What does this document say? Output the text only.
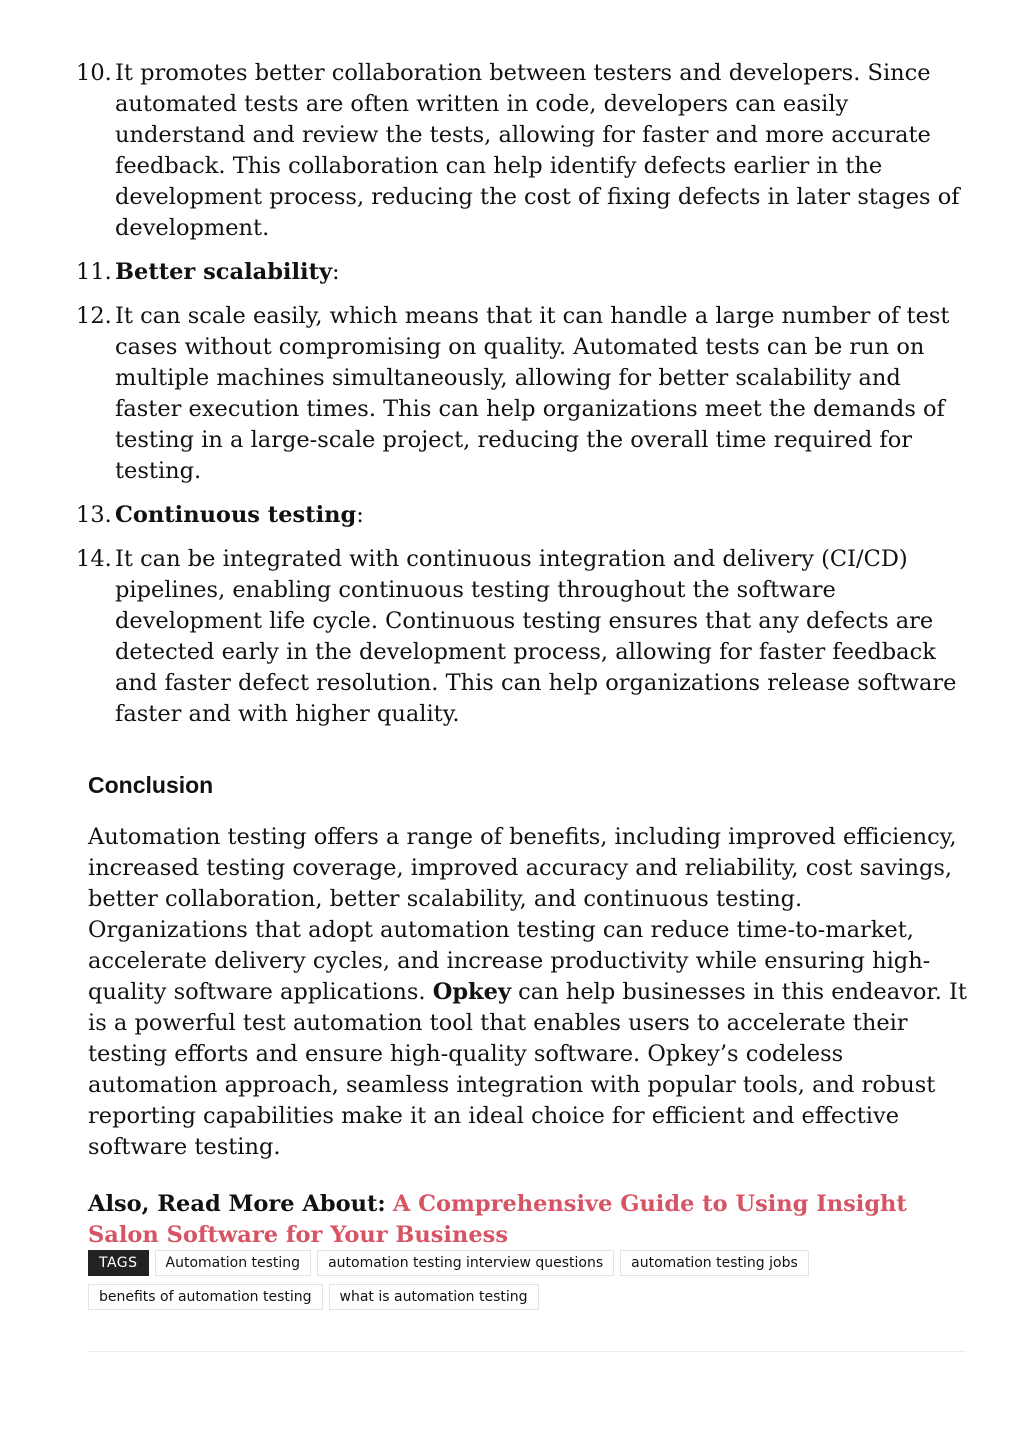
10. It promotes better collaboration between testers and developers. Since automated tests are often written in code, developers can easily understand and review the tests, allowing for faster and more accurate feedback. This collaboration can help identify defects earlier in the development process, reducing the cost of fixing defects in later stages of development.
11. Better scalability:
12. It can scale easily, which means that it can handle a large number of test cases without compromising on quality. Automated tests can be run on multiple machines simultaneously, allowing for better scalability and faster execution times. This can help organizations meet the demands of testing in a large-scale project, reducing the overall time required for testing.
13. Continuous testing:
14. It can be integrated with continuous integration and delivery (CI/CD) pipelines, enabling continuous testing throughout the software development life cycle. Continuous testing ensures that any defects are detected early in the development process, allowing for faster feedback and faster defect resolution. This can help organizations release software faster and with higher quality.
Conclusion

Automation testing offers a range of benefits, including improved efficiency, increased testing coverage, improved accuracy and reliability, cost savings, better collaboration, better scalability, and continuous testing. Organizations that adopt automation testing can reduce time-to-market, accelerate delivery cycles, and increase productivity while ensuring high-quality software applications. Opkey can help businesses in this endeavor. It is a powerful test automation tool that enables users to accelerate their testing efforts and ensure high-quality software. Opkey’s codeless automation approach, seamless integration with popular tools, and robust reporting capabilities make it an ideal choice for efficient and effective software testing.

Also, Read More About: A Comprehensive Guide to Using Insight Salon Software for Your Business

TAGS	Automation testing	automation testing interview questions	automation testing jobs
benefits of automation testing	what is automation testing
